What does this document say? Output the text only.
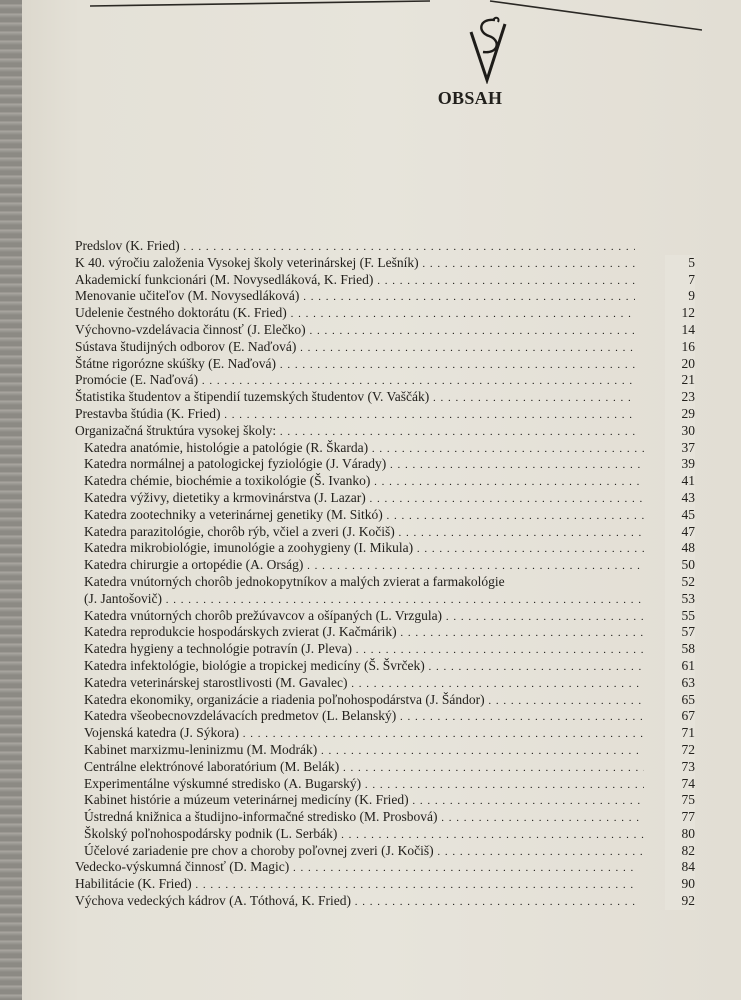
OBSAH
Predslov (K. Fried) . . .
K 40. výročiu založenia Vysokej školy veterinárskej (F. Lešník) . . .	5
Akademickí funkcionári (M. Novysedláková, K. Fried) . . .	7
Menovanie učiteľov (M. Novysedláková) . . .	9
Udelenie čestného doktorátu (K. Fried) . . .	12
Výchovno-vzdelávacia činnosť (J. Elečko) . . .	14
Sústava študijných odborov (E. Naďová) . . .	16
Štátne rigorózne skúšky (E. Naďová) . . .	20
Promócie (E. Naďová) . . .	21
Štatistika študentov a štipendií tuzemských študentov (V. Vaščák) . . .	23
Prestavba štúdia (K. Fried) . . .	29
Organizačná štruktúra vysokej školy: . . .	30
Katedra anatómie, histológie a patológie (R. Škarda) . . .	37
Katedra normálnej a patologickej fyziológie (J. Várady) . . .	39
Katedra chémie, biochémie a toxikológie (Š. Ivanko) . . .	41
Katedra výživy, dietetiky a krmovinárstva (J. Lazar) . . .	43
Katedra zootechniky a veterinárnej genetiky (M. Sitkó) . . .	45
Katedra parazitológie, chorôb rýb, včiel a zveri (J. Kočiš) . . .	47
Katedra mikrobiológie, imunológie a zoohygieny (I. Mikula) . . .	48
Katedra chirurgie a ortopédie (A. Orság) . . .	50
Katedra vnútorných chorôb jednokopytníkov a malých zvierat a farmakológie	52
(J. Jantošovič) . . .	53
Katedra vnútorných chorôb prežúvavcov a ošípaných (L. Vrzgula) . . .	55
Katedra reprodukcie hospodárskych zvierat (J. Kačmárik) . . .	57
Katedra hygieny a technológie potravín (J. Pleva) . . .	58
Katedra infektológie, biológie a tropickej medicíny (Š. Švrček) . . .	61
Katedra veterinárskej starostlivosti (M. Gavalec) . . .	63
Katedra ekonomiky, organizácie a riadenia poľnohospodárstva (J. Šándor) . . .	65
Katedra všeobecnovzdelávacích predmetov (L. Belanský) . . .	67
Vojenská katedra (J. Sýkora) . . .	71
Kabinet marxizmu-leninizmu (M. Modrák) . . .	72
Centrálne elektrónové laboratórium (M. Belák) . . .	73
Experimentálne výskumné stredisko (A. Bugarský) . . .	74
Kabinet histórie a múzeum veterinárnej medicíny (K. Fried) . . .	75
Ústredná knižnica a študijno-informačné stredisko (M. Prosbová) . . .	77
Školský poľnohospodársky podnik (L. Serbák) . . .	80
Účelové zariadenie pre chov a choroby poľovnej zveri (J. Kočiš) . . .	82
Vedecko-výskumná činnosť (D. Magic) . . .	84
Habilitácie (K. Fried) . . .	90
Výchova vedeckých kádrov (A. Tóthová, K. Fried) . . .	92
